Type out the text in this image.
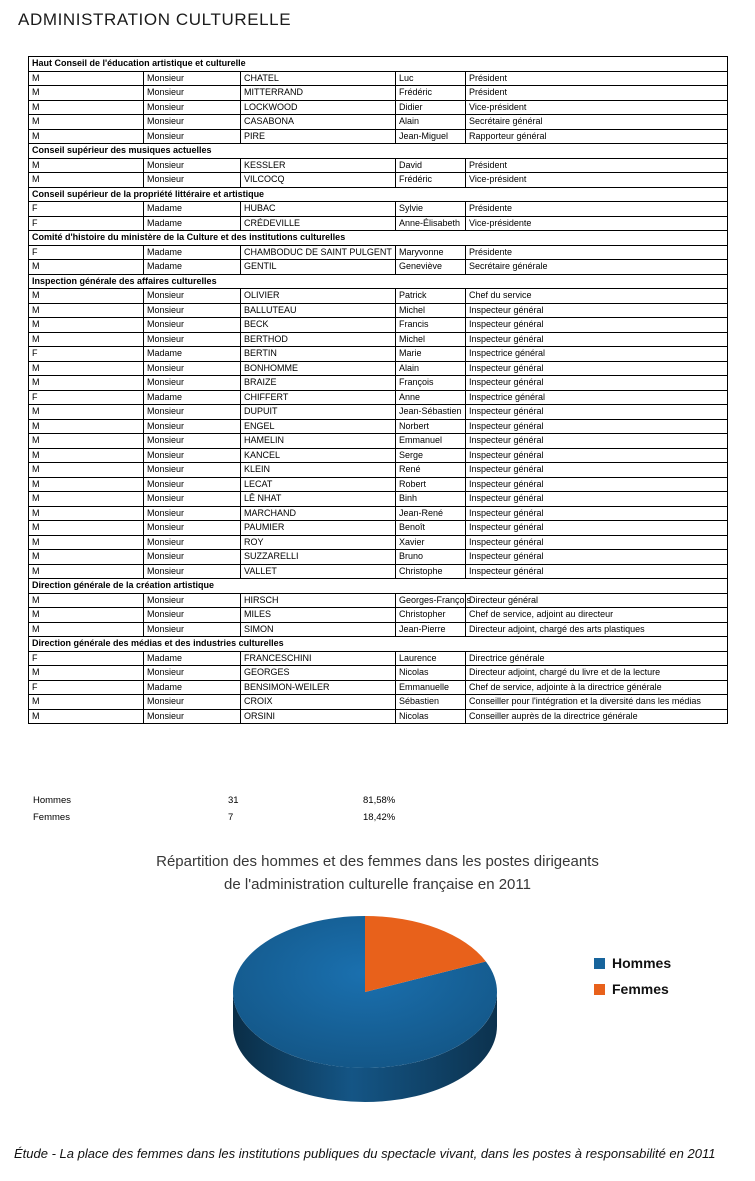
ADMINISTRATION CULTURELLE
Haut Conseil de l'éducation artistique et culturelle				
M	Monsieur	CHATEL	Luc	Président
M	Monsieur	MITTERRAND	Frédéric	Président
M	Monsieur	LOCKWOOD	Didier	Vice-président
M	Monsieur	CASABONA	Alain	Secrétaire général
M	Monsieur	PIRE	Jean-Miguel	Rapporteur général
Conseil supérieur des musiques actuelles				
M	Monsieur	KESSLER	David	Président
M	Monsieur	VILCOCQ	Frédéric	Vice-président
Conseil supérieur de la propriété littéraire et artistique				
F	Madame	HUBAC	Sylvie	Présidente
F	Madame	CRÉDEVILLE	Anne-Élisabeth	Vice-présidente
Comité d'histoire du ministère de la Culture et des institutions culturelles				
F	Madame	CHAMBODUC DE SAINT PULGENT	Maryvonne	Présidente
M	Madame	GENTIL	Geneviève	Secrétaire générale
Inspection générale des affaires culturelles				
M	Monsieur	OLIVIER	Patrick	Chef du service
M	Monsieur	BALLUTEAU	Michel	Inspecteur général
M	Monsieur	BECK	Francis	Inspecteur général
M	Monsieur	BERTHOD	Michel	Inspecteur général
F	Madame	BERTIN	Marie	Inspectrice général
M	Monsieur	BONHOMME	Alain	Inspecteur général
M	Monsieur	BRAIZE	François	Inspecteur général
F	Madame	CHIFFERT	Anne	Inspectrice général
M	Monsieur	DUPUIT	Jean-Sébastien	Inspecteur général
M	Monsieur	ENGEL	Norbert	Inspecteur général
M	Monsieur	HAMELIN	Emmanuel	Inspecteur général
M	Monsieur	KANCEL	Serge	Inspecteur général
M	Monsieur	KLEIN	René	Inspecteur général
M	Monsieur	LECAT	Robert	Inspecteur général
M	Monsieur	LÊ NHAT	Binh	Inspecteur général
M	Monsieur	MARCHAND	Jean-René	Inspecteur général
M	Monsieur	PAUMIER	Benoît	Inspecteur général
M	Monsieur	ROY	Xavier	Inspecteur général
M	Monsieur	SUZZARELLI	Bruno	Inspecteur général
M	Monsieur	VALLET	Christophe	Inspecteur général
Direction générale de la création artistique				
M	Monsieur	HIRSCH	Georges-François	Directeur général
M	Monsieur	MILES	Christopher	Chef de service, adjoint au directeur
M	Monsieur	SIMON	Jean-Pierre	Directeur adjoint, chargé des arts plastiques
Direction générale des médias et des industries culturelles				
F	Madame	FRANCESCHINI	Laurence	Directrice générale
M	Monsieur	GEORGES	Nicolas	Directeur adjoint, chargé du livre et de la lecture
F	Madame	BENSIMON-WEILER	Emmanuelle	Chef de service, adjointe à la directrice générale
M	Monsieur	CROIX	Sébastien	Conseiller pour l'intégration et la diversité dans les médias
M	Monsieur	ORSINI	Nicolas	Conseiller auprès de la directrice générale
Hommes	31	81,58%
Femmes	7	18,42%
Répartition des hommes et des femmes dans les postes dirigeants
de l'administration culturelle française en 2011
Hommes
Femmes
Étude - La place des femmes dans les institutions publiques du spectacle vivant, dans les postes à responsabilité en 2011
